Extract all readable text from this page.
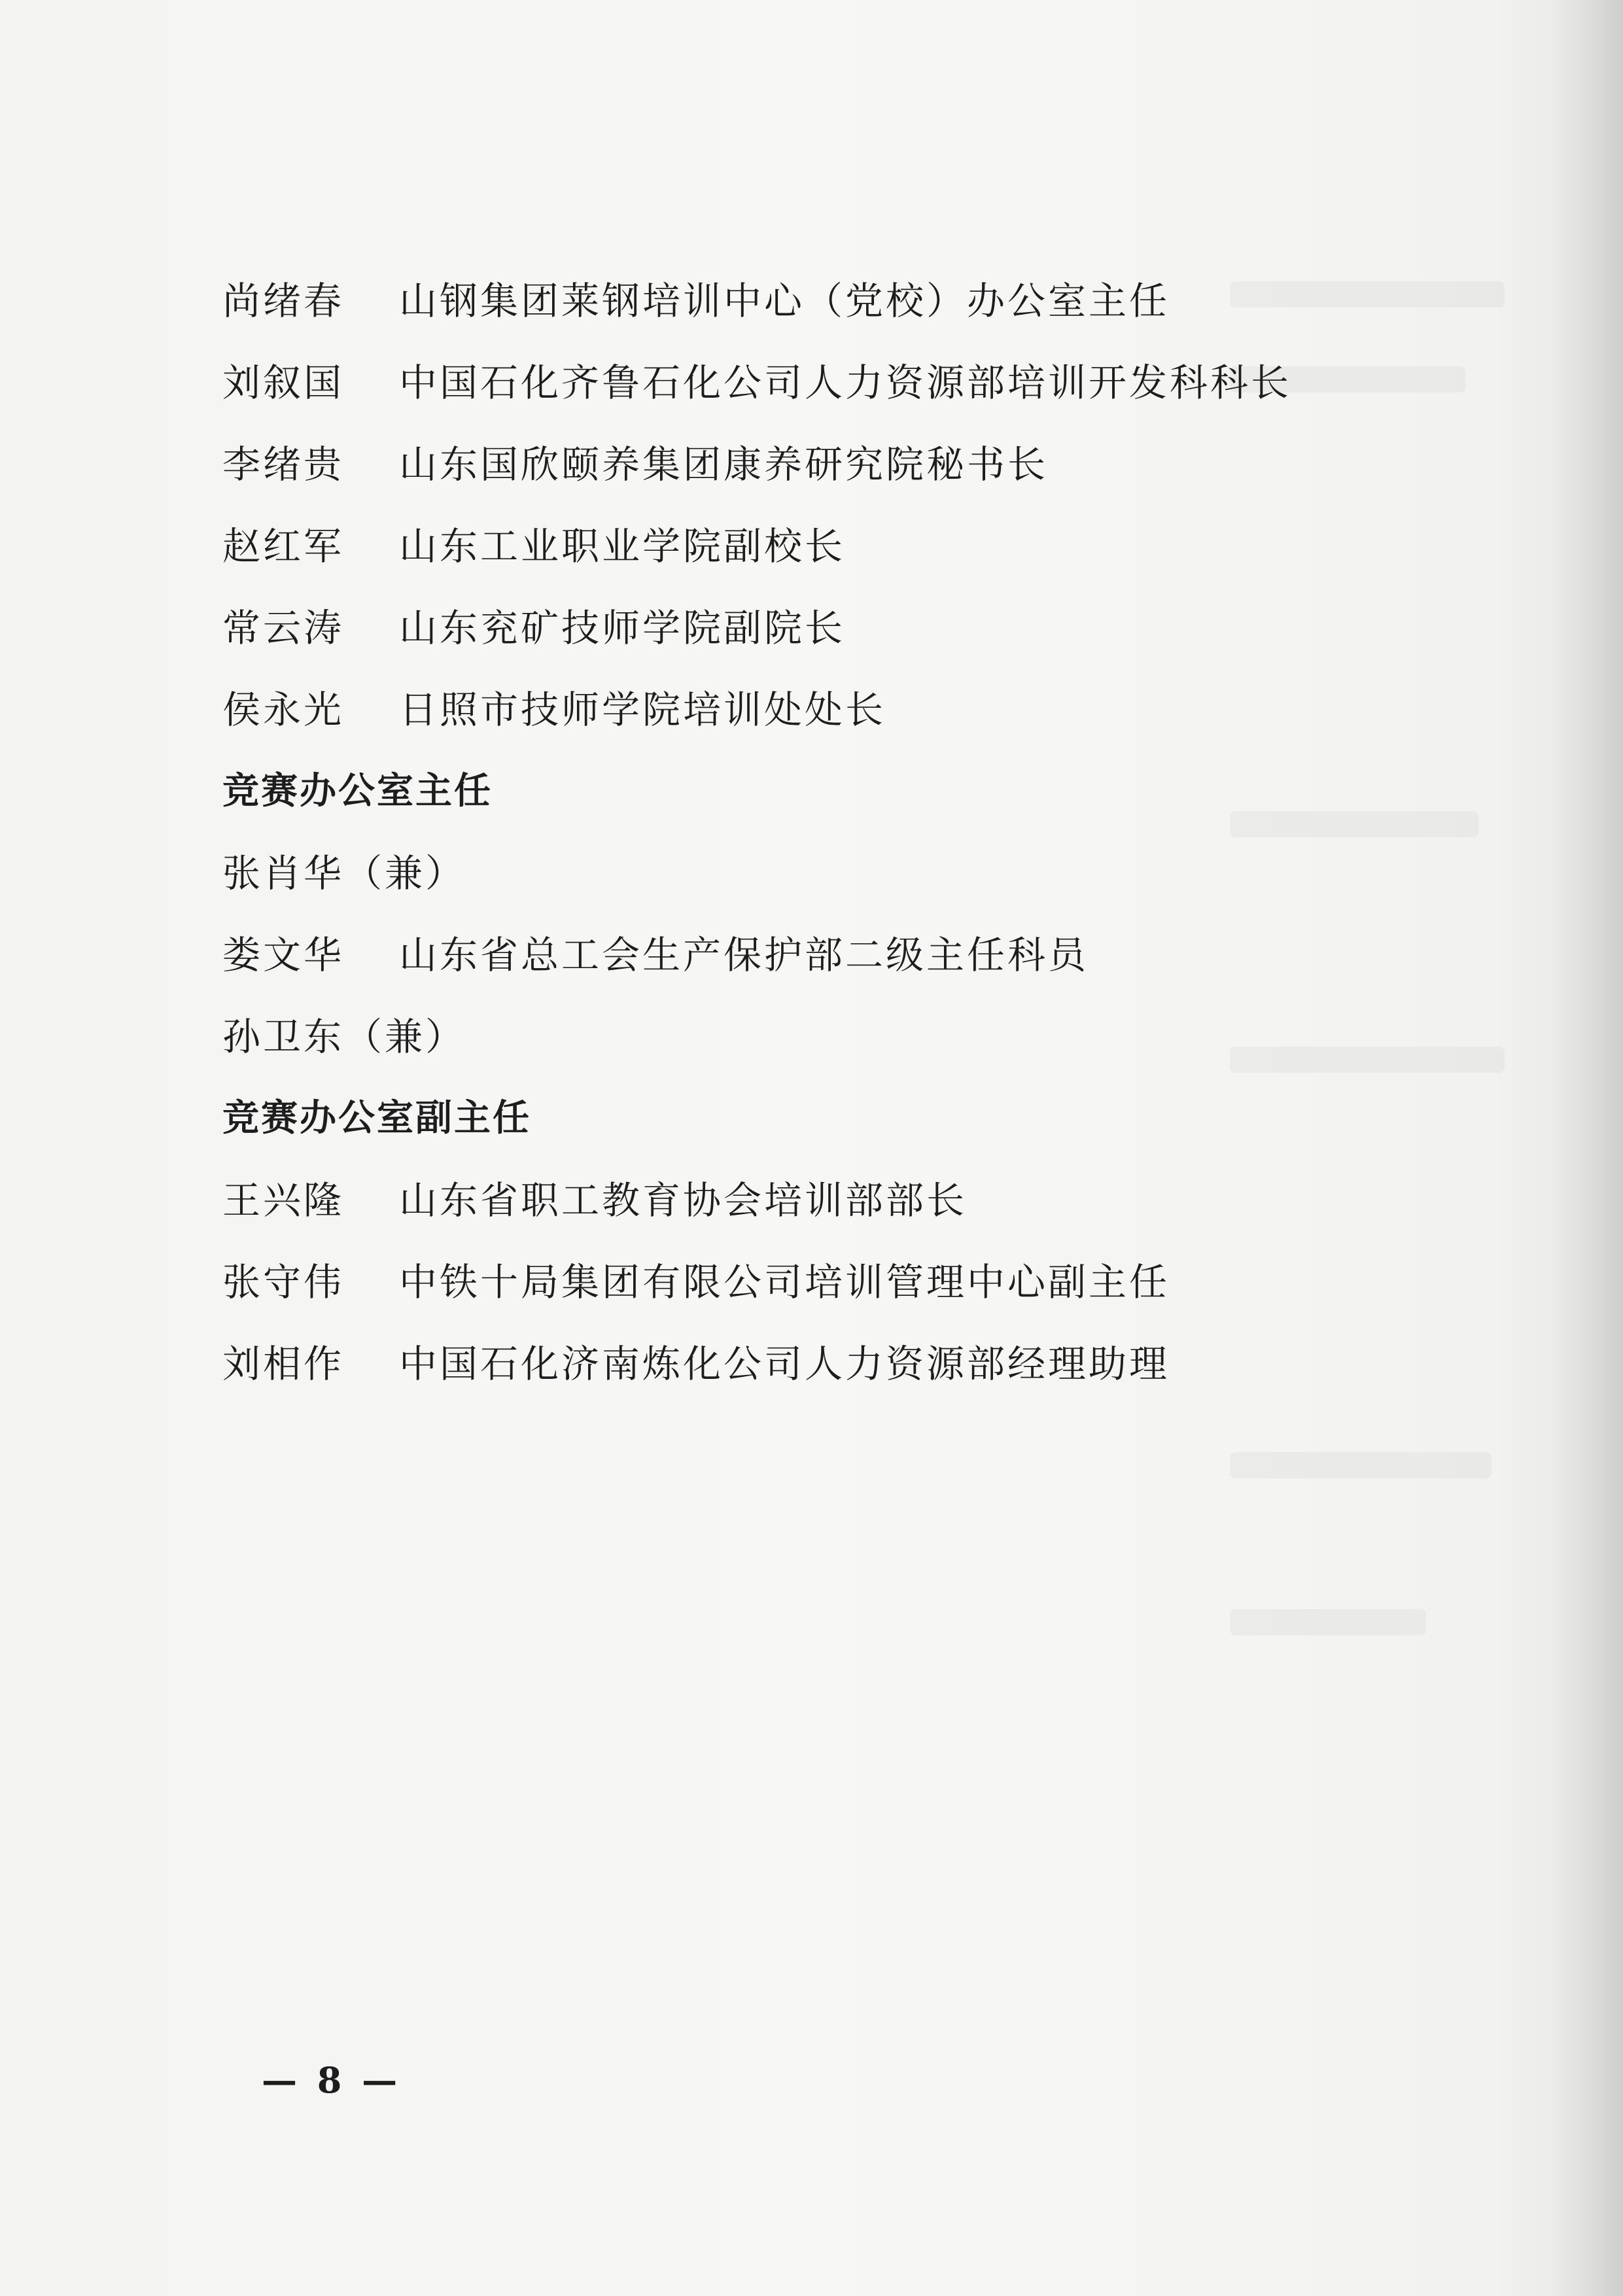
尚绪春 山钢集团莱钢培训中心（党校）办公室主任
刘叙国 中国石化齐鲁石化公司人力资源部培训开发科科长
李绪贵 山东国欣颐养集团康养研究院秘书长
赵红军 山东工业职业学院副校长
常云涛 山东兖矿技师学院副院长
侯永光 日照市技师学院培训处处长
竞赛办公室主任
张肖华（兼）
娄文华 山东省总工会生产保护部二级主任科员
孙卫东（兼）
竞赛办公室副主任
王兴隆 山东省职工教育协会培训部部长
张守伟 中铁十局集团有限公司培训管理中心副主任
刘相作 中国石化济南炼化公司人力资源部经理助理
— 8 —
